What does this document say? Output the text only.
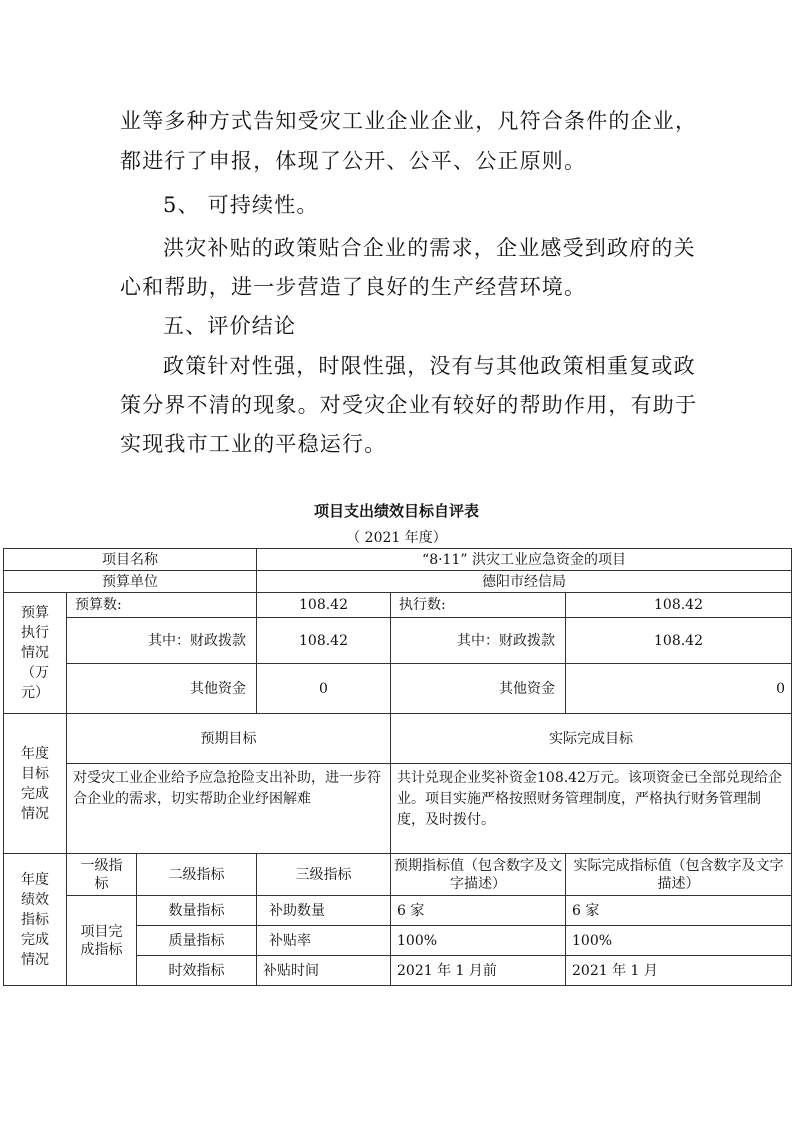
业等多种方式告知受灾工业企业企业，凡符合条件的企业，

都进行了申报，体现了公开、公平、公正原则。

5、 可持续性。

洪灾补贴的政策贴合企业的需求，企业感受到政府的关

心和帮助，进一步营造了良好的生产经营环境。

五、评价结论

政策针对性强，时限性强，没有与其他政策相重复或政

策分界不清的现象。对受灾企业有较好的帮助作用，有助于

实现我市工业的平稳运行。

项目支出绩效目标自评表

（ 2021 年度）

项目名称			“8·11” 洪灾工业应急资金的项目		
预算单位			德阳市经信局		

预算执行情况（万元）	预算数:		108.42	执行数:	108.42
	其中：财政拨款		108.42	其中：财政拨款	108.42
	其他资金		0	其他资金	0

年度目标完成情况	预期目标			实际完成目标	
	对受灾工业企业给予应急抢险支出补助，进一步符合企业的需求，切实帮助企业纾困解难			共计兑现企业奖补资金108.42万元。该项资金已全部兑现给企业。项目实施严格按照财务管理制度，严格执行财务管理制度，及时拨付。	

年度绩效指标完成情况	一级指标	二级指标	三级指标	预期指标值（包含数字及文字描述）	实际完成指标值（包含数字及文字描述）
	项目完成指标	数量指标	补助数量	6 家	6 家
		质量指标	补贴率	100%	100%
		时效指标	补贴时间	2021 年 1 月前	2021 年 1 月
